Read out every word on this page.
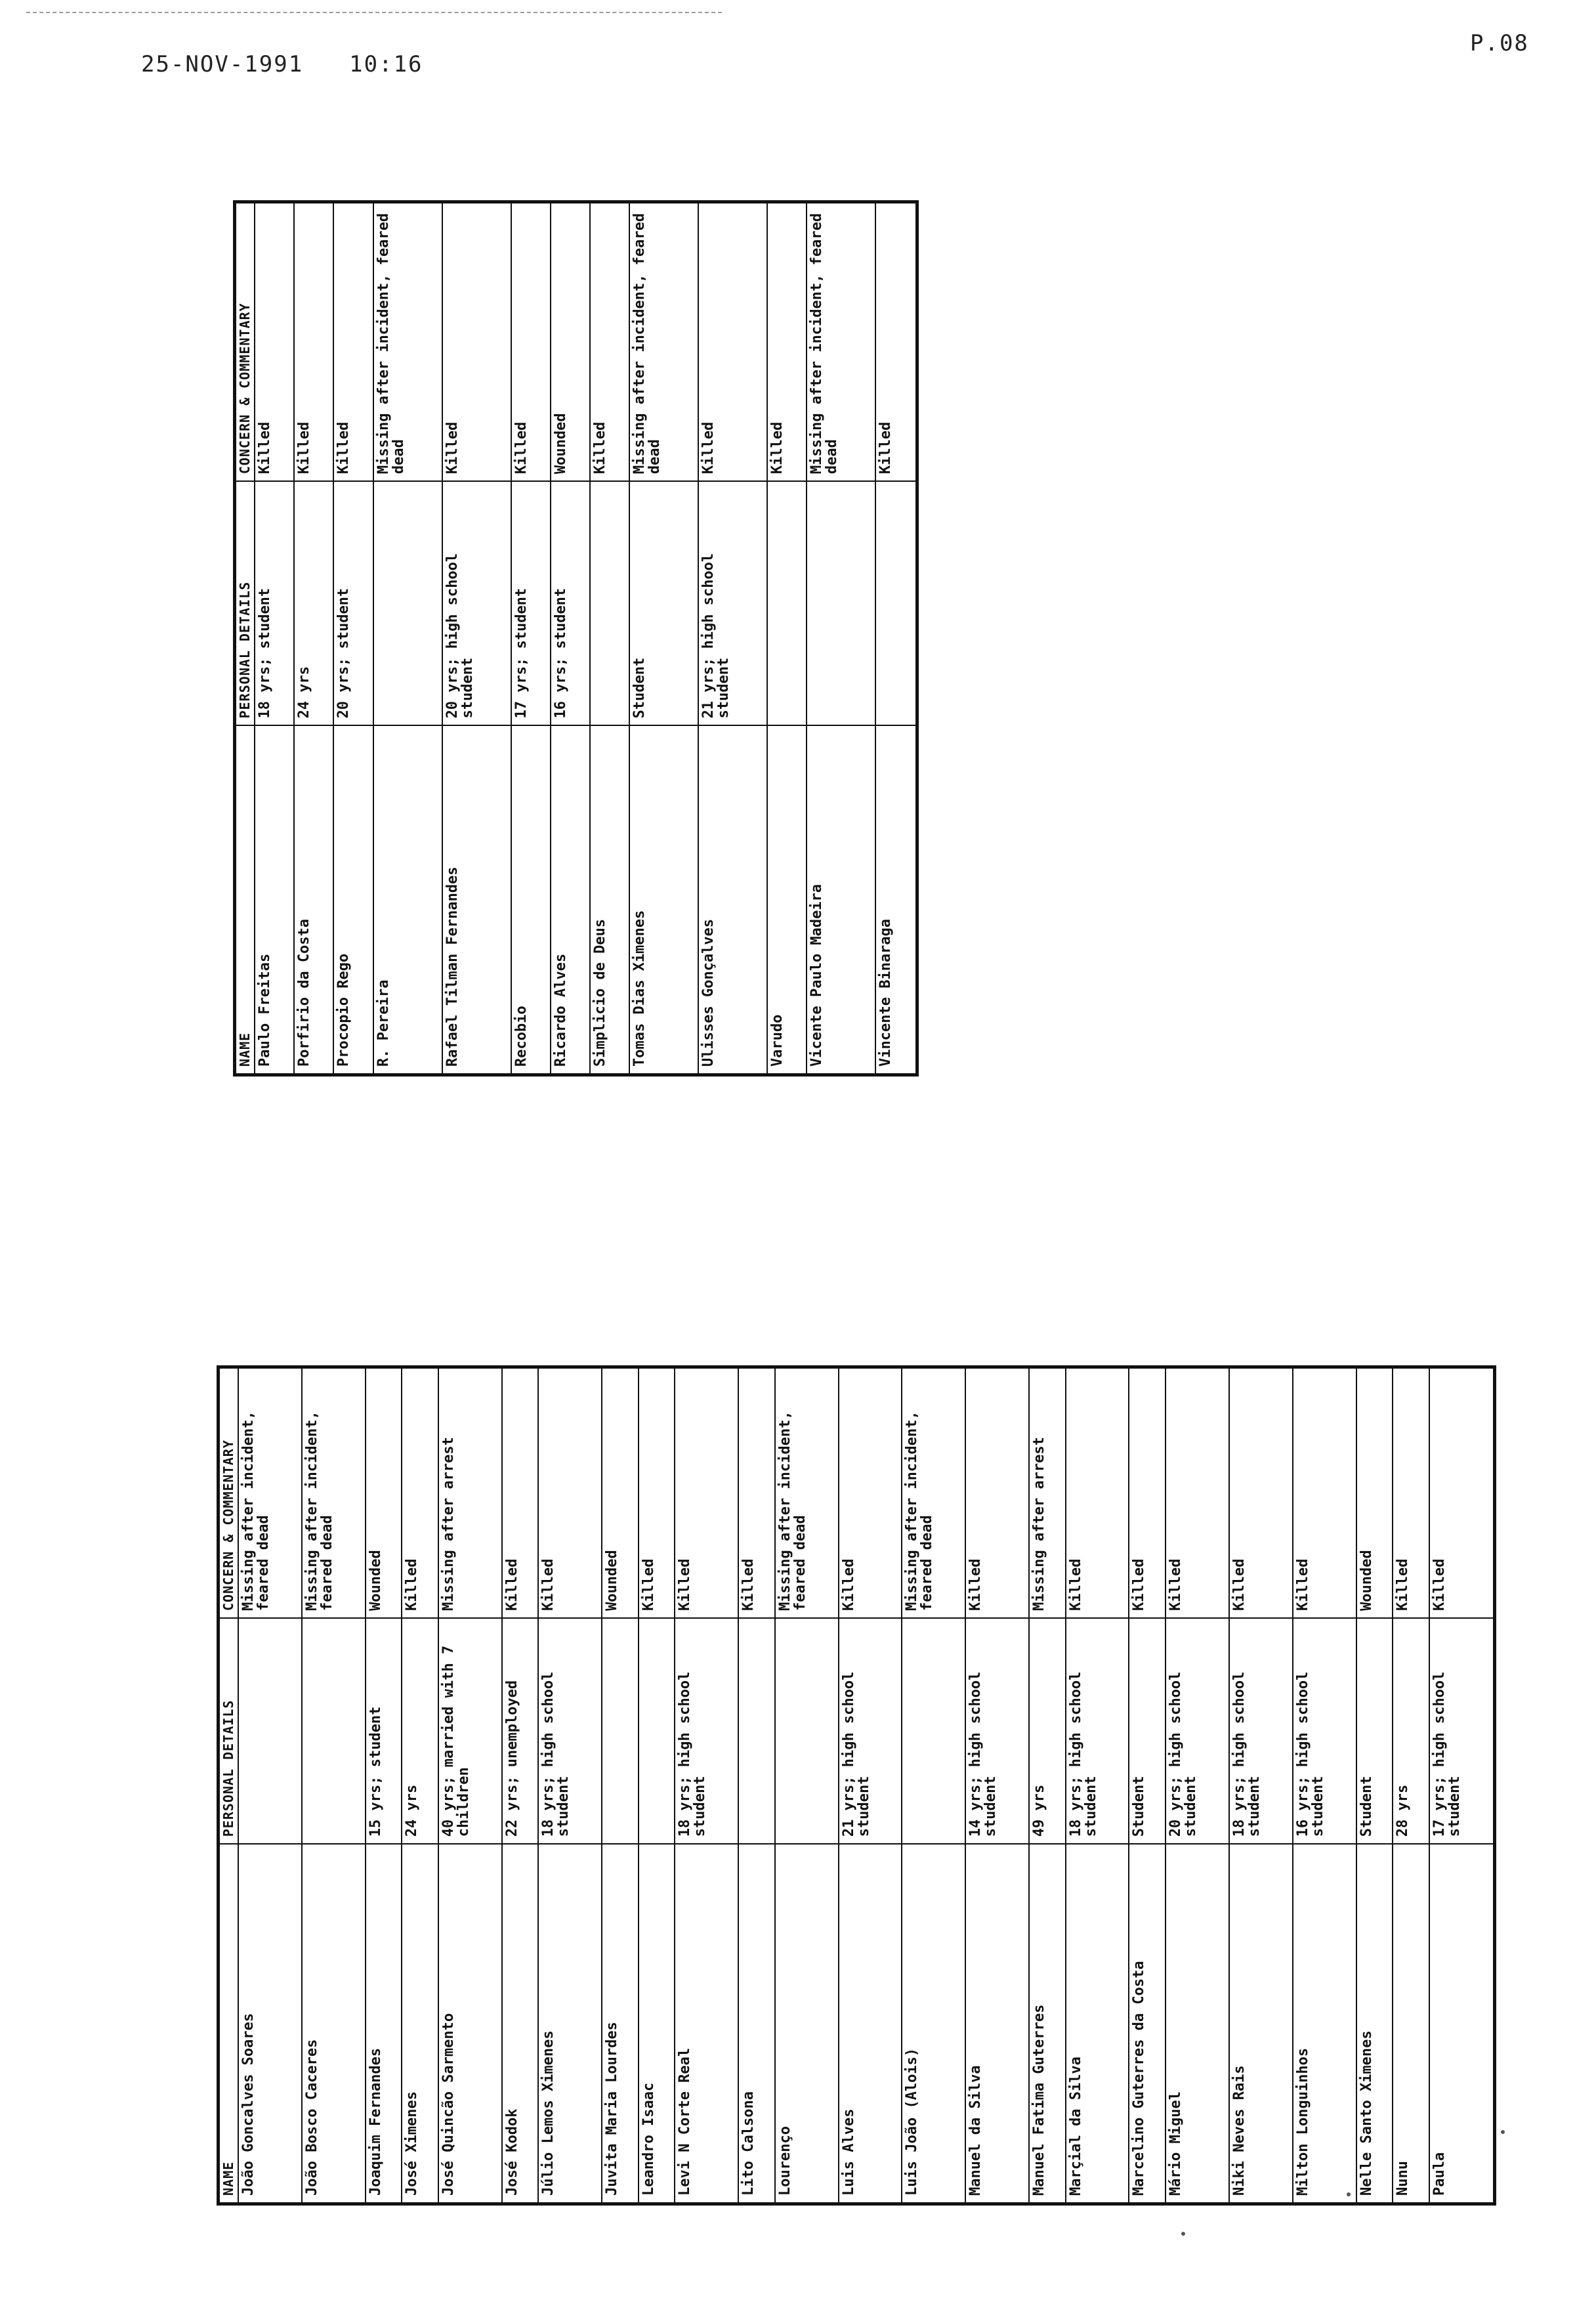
25-NOV-1991 10:16
P.08
NAME	PERSONAL DETAILS	CONCERN & COMMENTARY
Paulo Freitas	18 yrs; student	Killed
Porfirio da Costa	24 yrs	Killed
Procopio Rego	20 yrs; student	Killed
R. Pereira		Missing after incident, feared dead
Rafael Tilman Fernandes	20 yrs; high school student	Killed
Recobio	17 yrs; student	Killed
Ricardo Alves	16 yrs; student	Wounded
Simplicio de Deus		Killed
Tomas Dias Ximenes	Student	Missing after incident, feared dead
Ulisses Gonçalves	21 yrs; high school student	Killed
Varudo		Killed
Vicente Paulo Madeira		Missing after incident, feared dead
Vincente Binaraga		Killed
NAME	PERSONAL DETAILS	CONCERN & COMMENTARY
João Goncalves Soares		Missing after incident, feared dead
João Bosco Caceres		Missing after incident, feared dead
Joaquim Fernandes	15 yrs; student	Wounded
José Ximenes	24 yrs	Killed
José Quincão Sarmento	40 yrs; married with 7 children	Missing after arrest
José Kodok	22 yrs; unemployed	Killed
Júlio Lemos Ximenes	18 yrs; high school student	Killed
Juvita Maria Lourdes		Wounded
Leandro Isaac		Killed
Levi N Corte Real	18 yrs; high school student	Killed
Lito Calsona		Killed
Lourenço		Missing after incident, feared dead
Luis Alves	21 yrs; high school student	Killed
Luis João (Alois)		Missing after incident, feared dead
Manuel da Silva	14 yrs; high school student	Killed
Manuel Fatima Guterres	49 yrs	Missing after arrest
Marçial da Silva	18 yrs; high school student	Killed
Marcelino Guterres da Costa	Student	Killed
Mário Miguel	20 yrs; high school student	Killed
Niki Neves Rais	18 yrs; high school student	Killed
Milton Longuinhos	16 yrs; high school student	Killed
Nelle Santo Ximenes	Student	Wounded
Nunu	28 yrs	Killed
Paula	17 yrs; high school student	Killed
